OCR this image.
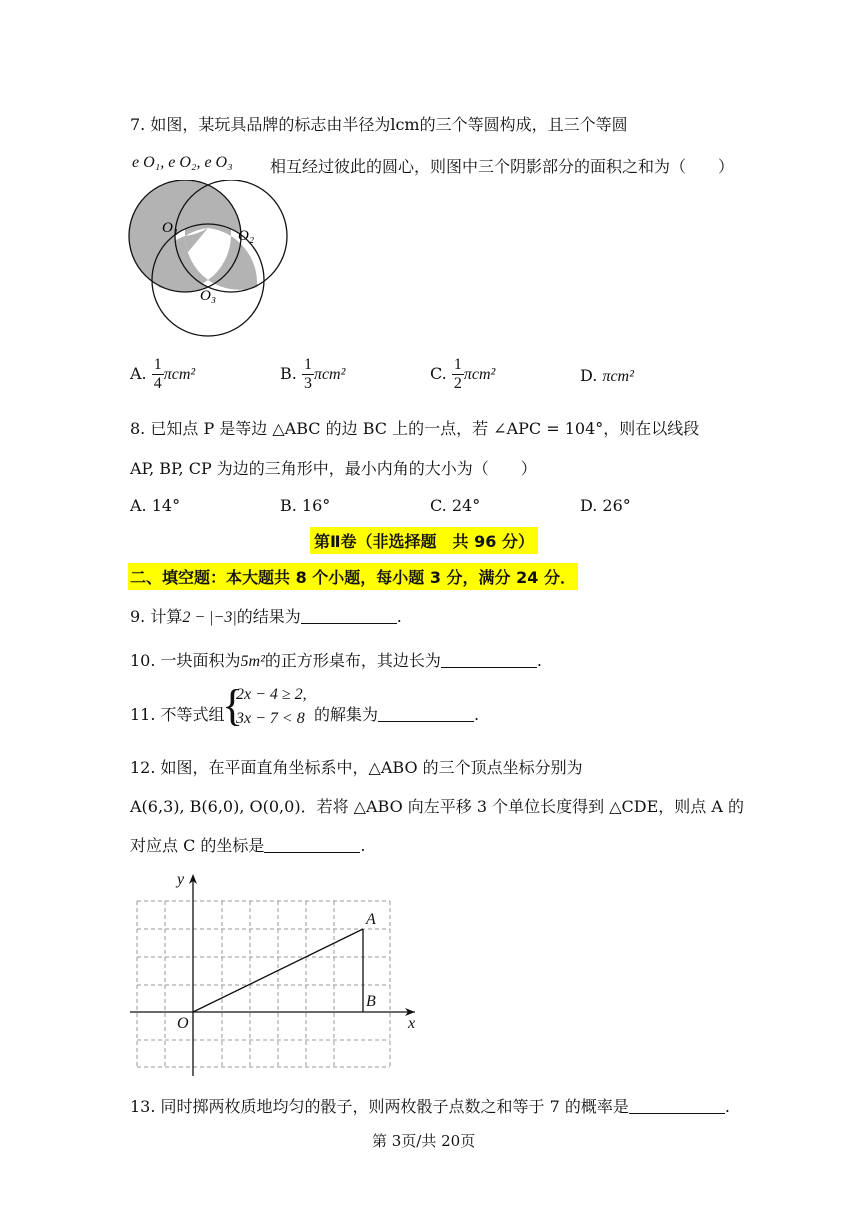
7. 如图，某玩具品牌的标志由半径为lcm的三个等圆构成，且三个等圆
e O₁, e O₂, e O₃ 相互经过彼此的圆心，则图中三个阴影部分的面积之和为（　　）
O₁	O₂
O₃
A. $\frac{1}{4} \pi cm^2$	B. $\frac{1}{3} \pi cm^2$	C. $\frac{1}{2} \pi cm^2$	D. πcm²
8. 已知点 P 是等边 △ABC 的边 BC 上的一点，若 ∠APC = 104°，则在以线段
AP, BP, CP 为边的三角形中，最小内角的大小为（　　）
A. 14°	B. 16°	C. 24°	D. 26°
第Ⅱ卷（非选择题　共 96 分）
二、填空题：本大题共 8 个小题，每小题 3 分，满分 24 分．
9. 计算2 − |−3|的结果为	.
10. 一块面积为5m²的正方形桌布，其边长为	.
11. 不等式组
{
2x − 4 ≥ 2,
3x − 7 < 8 的解集为	.
12. 如图，在平面直角坐标系中，△ABO 的三个顶点坐标分别为
A(6,3), B(6,0), O(0,0)．若将 △ABO 向左平移 3 个单位长度得到 △CDE，则点 A 的
对应点 C 的坐标是	.
y
x
O
A
B
13. 同时掷两枚质地均匀的骰子，则两枚骰子点数之和等于 7 的概率是	.
第 3页/共 20页
